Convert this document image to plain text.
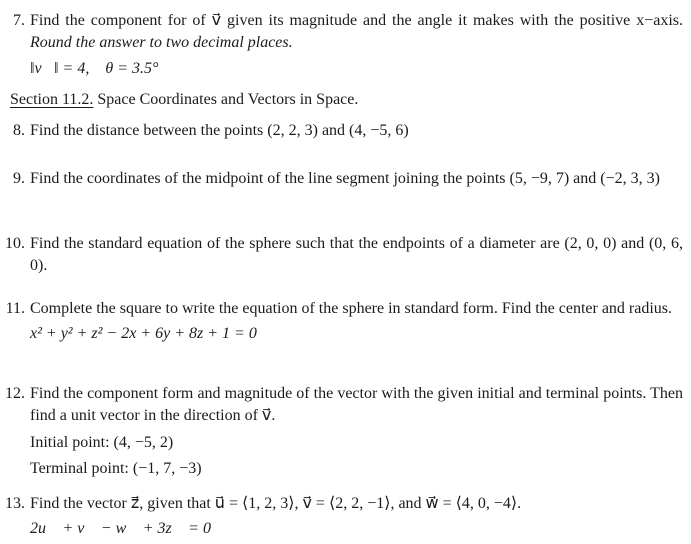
7. Find the component for of v⃗ given its magnitude and the angle it makes with the positive x−axis. Round the answer to two decimal places.
‖v⃗‖ = 4, θ = 3.5°
Section 11.2. Space Coordinates and Vectors in Space.
8. Find the distance between the points (2, 2, 3) and (4, −5, 6)
9. Find the coordinates of the midpoint of the line segment joining the points (5, −9, 7) and (−2, 3, 3)
10. Find the standard equation of the sphere such that the endpoints of a diameter are (2, 0, 0) and (0, 6, 0).
11. Complete the square to write the equation of the sphere in standard form. Find the center and radius.
x² + y² + z² − 2x + 6y + 8z + 1 = 0
12. Find the component form and magnitude of the vector with the given initial and terminal points. Then find a unit vector in the direction of v⃗.
Initial point: (4, −5, 2)
Terminal point: (−1, 7, −3)
13. Find the vector z⃗, given that u⃗ = ⟨1, 2, 3⟩, v⃗ = ⟨2, 2, −1⟩, and w⃗ = ⟨4, 0, −4⟩.
2u⃗ + v⃗ − w⃗ + 3z⃗ = 0
